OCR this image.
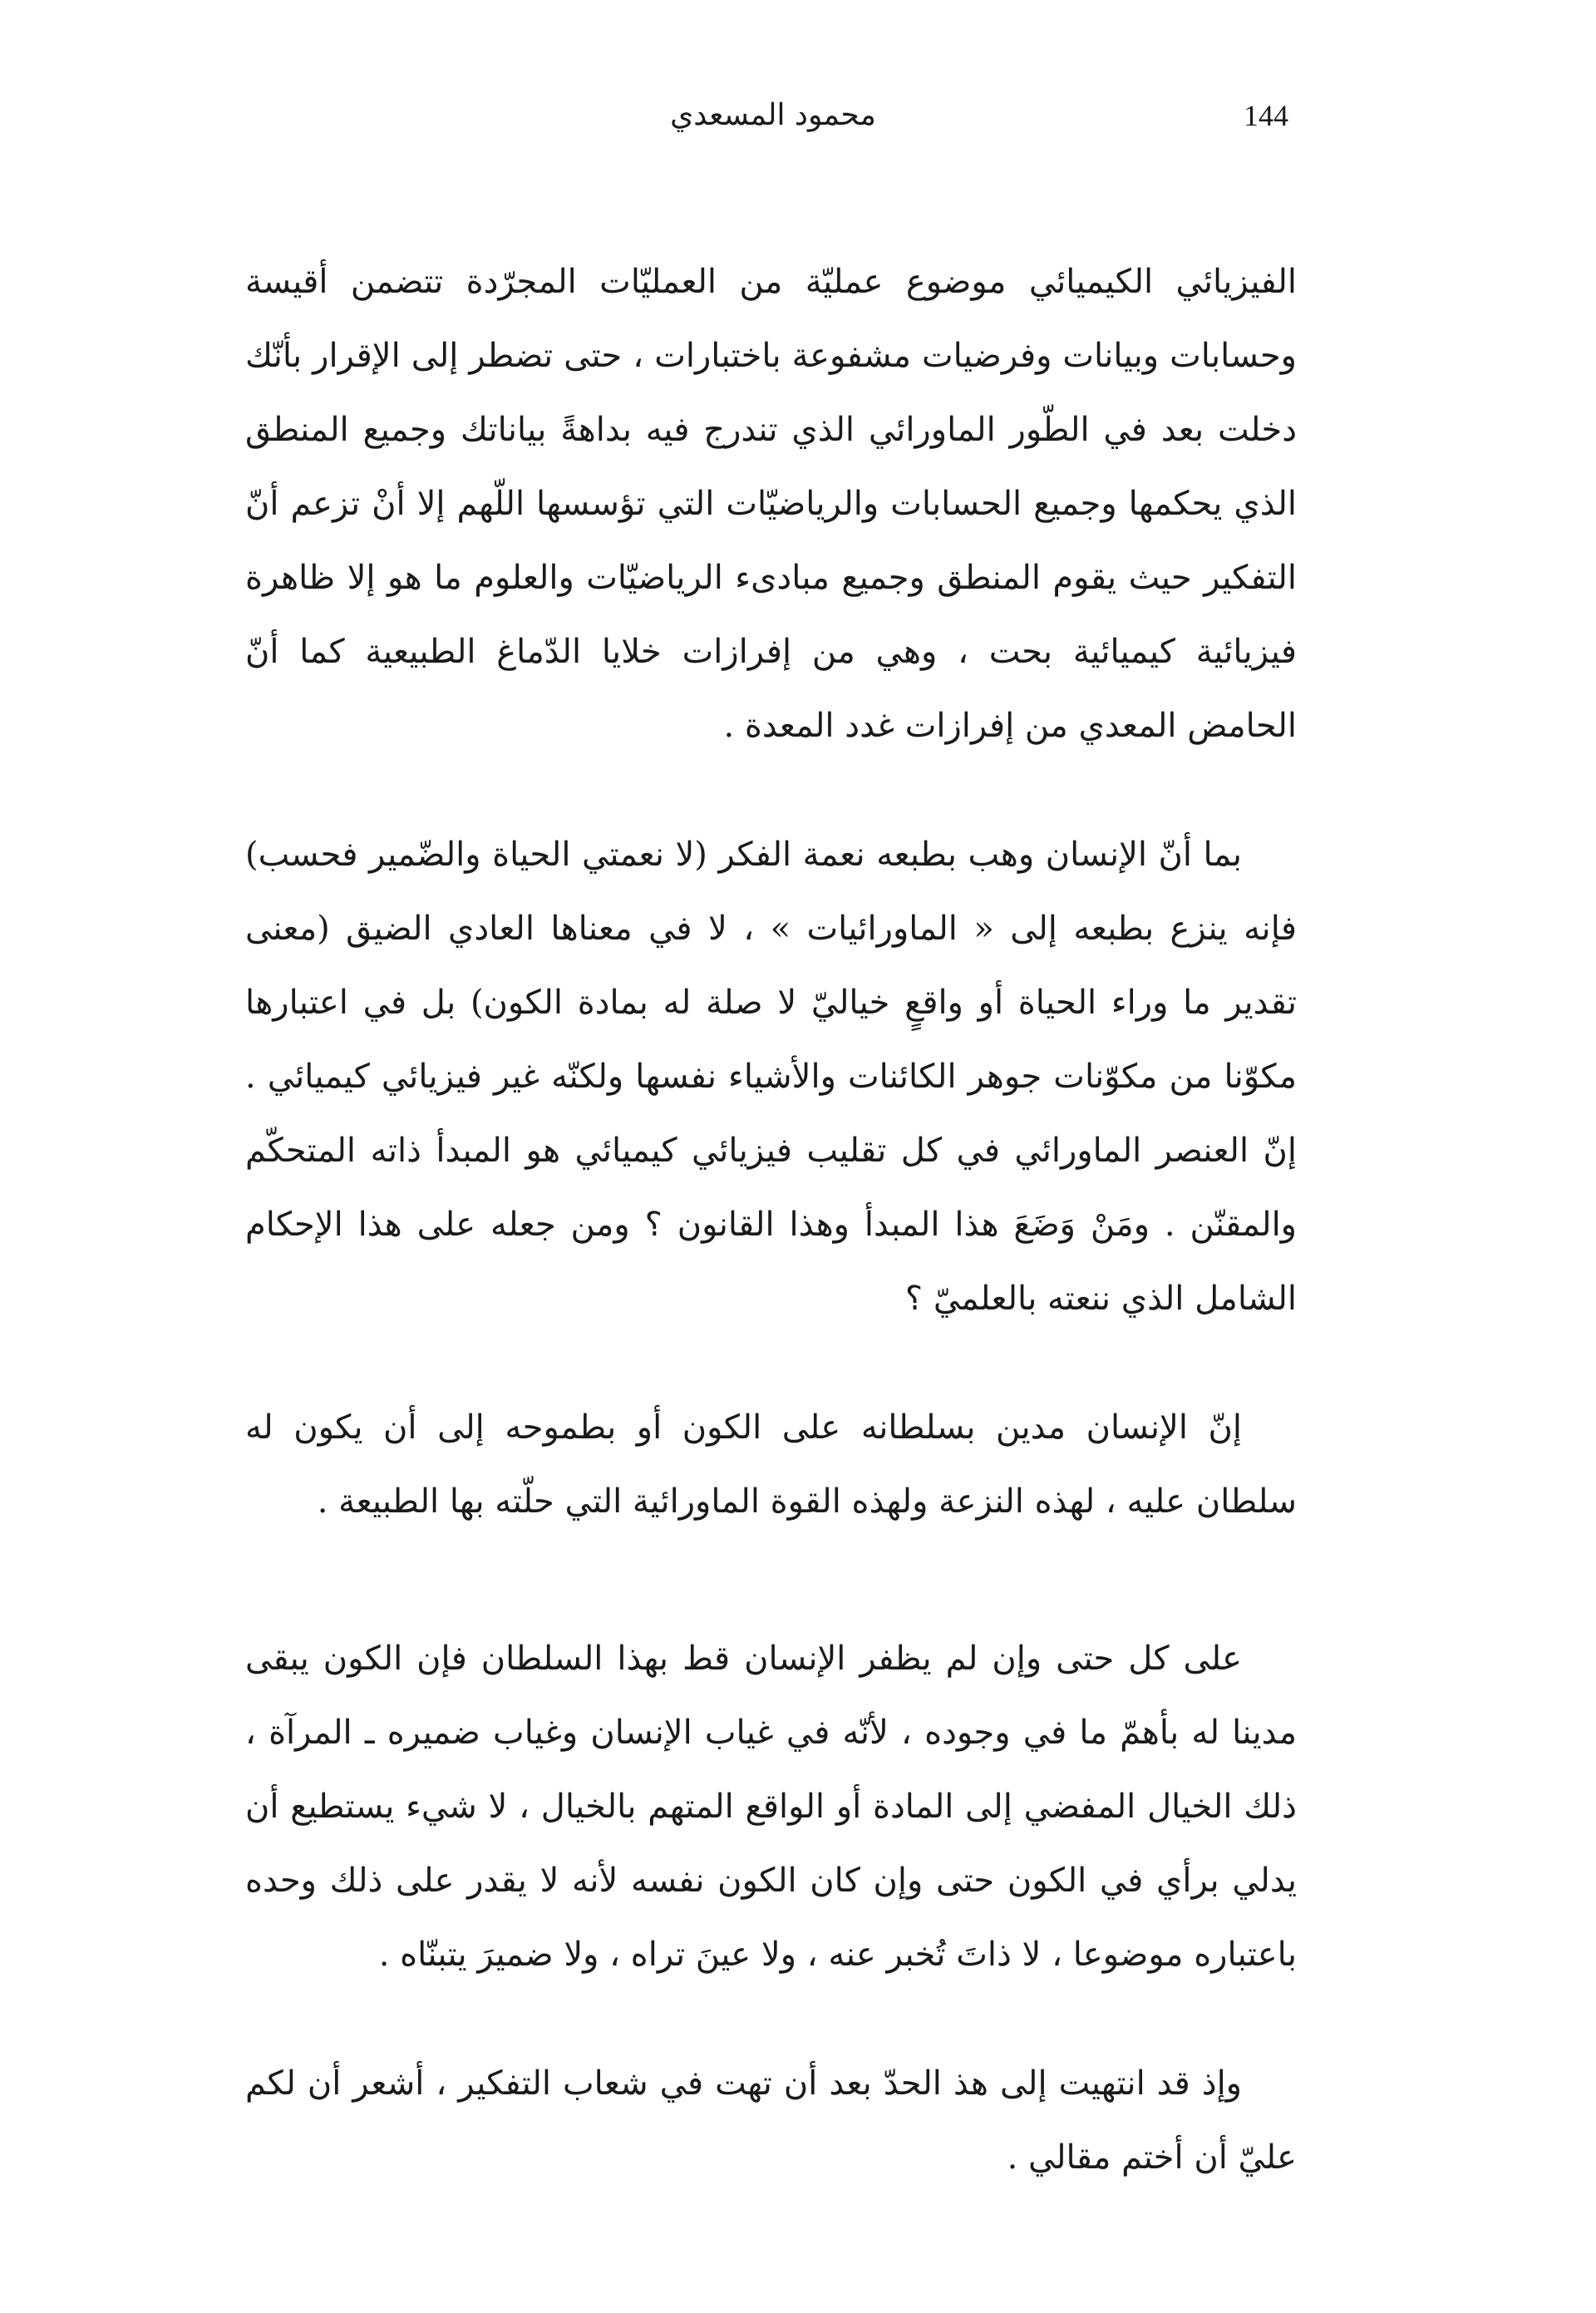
144
محمود المسعدي

الفيزيائي الكيميائي موضوع عمليّة من العمليّات المجرّدة تتضمن أقيسة وحسابات وبيانات وفرضيات مشفوعة باختبارات ، حتى تضطر إلى الإقرار بأنّك دخلت بعد في الطّور الماورائي الذي تندرج فيه بداهةً بياناتك وجميع المنطق الذي يحكمها وجميع الحسابات والرياضيّات التي تؤسسها اللّهم إلا أنْ تزعم أنّ التفكير حيث يقوم المنطق وجميع مبادىء الرياضيّات والعلوم ما هو إلا ظاهرة فيزيائية كيميائية بحت ، وهي من إفرازات خلايا الدّماغ الطبيعية كما أنّ الحامض المعدي من إفرازات غدد المعدة .

بما أنّ الإنسان وهب بطبعه نعمة الفكر (لا نعمتي الحياة والضّمير فحسب) فإنه ينزع بطبعه إلى « الماورائيات » ، لا في معناها العادي الضيق (معنى تقدير ما وراء الحياة أو واقعٍ خياليّ لا صلة له بمادة الكون) بل في اعتبارها مكوّنا من مكوّنات جوهر الكائنات والأشياء نفسها ولكنّه غير فيزيائي كيميائي . إنّ العنصر الماورائي في كل تقليب فيزيائي كيميائي هو المبدأ ذاته المتحكّم والمقنّن . ومَنْ وَضَعَ هذا المبدأ وهذا القانون ؟ ومن جعله على هذا الإحكام الشامل الذي ننعته بالعلميّ ؟

إنّ الإنسان مدين بسلطانه على الكون أو بطموحه إلى أن يكون له سلطان عليه ، لهذه النزعة ولهذه القوة الماورائية التي حلّته بها الطبيعة .

على كل حتى وإن لم يظفر الإنسان قط بهذا السلطان فإن الكون يبقى مدينا له بأهمّ ما في وجوده ، لأنّه في غياب الإنسان وغياب ضميره ـ المرآة ، ذلك الخيال المفضي إلى المادة أو الواقع المتهم بالخيال ، لا شيء يستطيع أن يدلي برأي في الكون حتى وإن كان الكون نفسه لأنه لا يقدر على ذلك وحده باعتباره موضوعا ، لا ذاتَ تُخبر عنه ، ولا عينَ تراه ، ولا ضميرَ يتبنّاه .

وإذ قد انتهيت إلى هذ الحدّ بعد أن تهت في شعاب التفكير ، أشعر أن لكم عليّ أن أختم مقالي .
